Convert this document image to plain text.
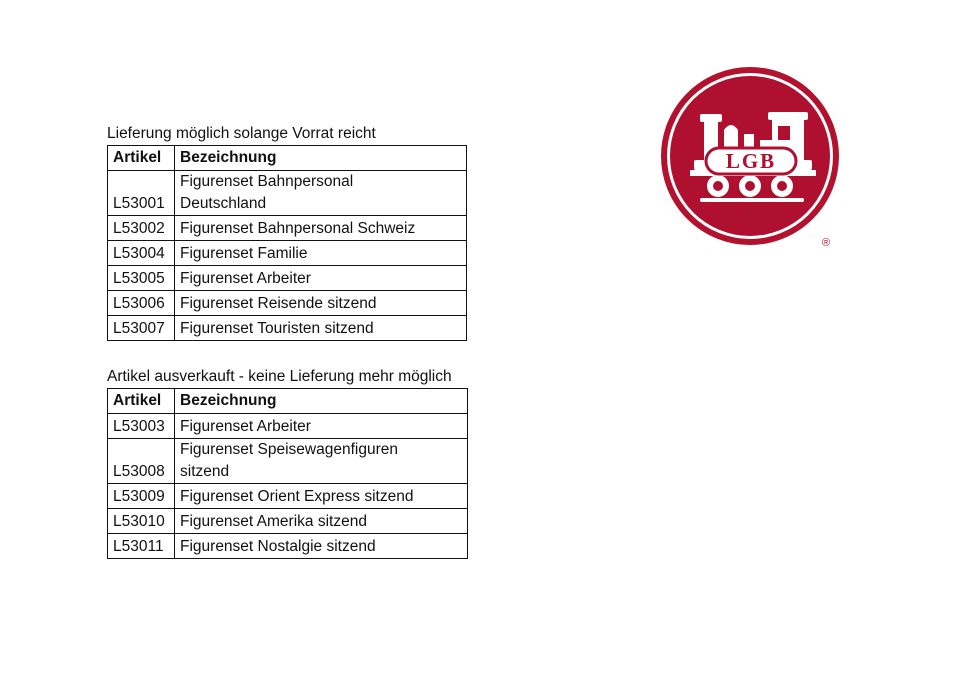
Lieferung möglich solange Vorrat reicht
Artikel	Bezeichnung
L53001	Figurenset Bahnpersonal
Deutschland

L53002	Figurenset Bahnpersonal Schweiz
L53004	Figurenset Familie
L53005	Figurenset Arbeiter
L53006	Figurenset Reisende sitzend
L53007	Figurenset Touristen sitzend
Artikel ausverkauft - keine Lieferung mehr möglich
Artikel	Bezeichnung
L53003	Figurenset Arbeiter
L53008	Figurenset Speisewagenfiguren
sitzend

L53009	Figurenset Orient Express sitzend
L53010	Figurenset Amerika sitzend
L53011	Figurenset Nostalgie sitzend
LGB
®
